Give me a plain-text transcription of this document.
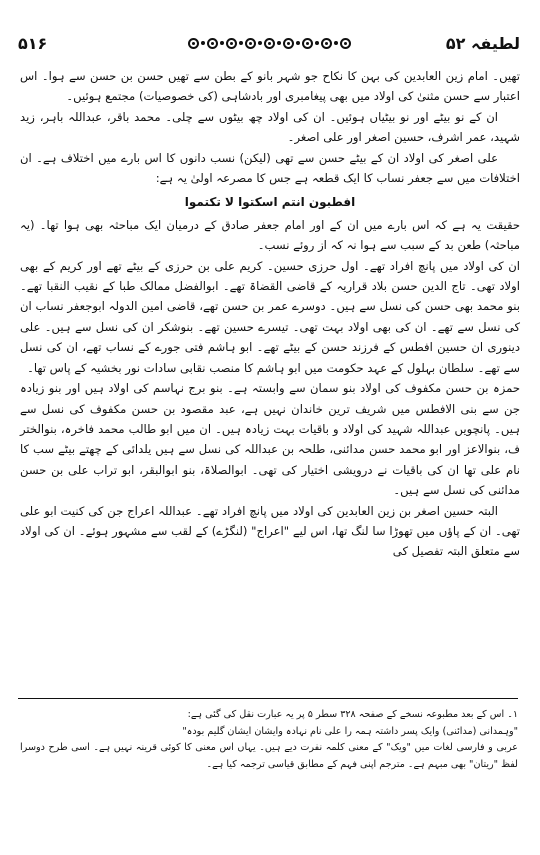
۵۱۶	لطیفہ ۵۲

تھیں۔ امام زین العابدین کی بہن کا نکاح جو شہر بانو کے بطن سے تھیں حسن بن حسن سے ہوا۔ اس اعتبار سے حسن مثنیٰ کی اولاد میں بھی پیغامبری اور بادشاہی (کی خصوصیات) مجتمع ہوئیں۔

ان کے نو بیٹے اور نو بیٹیاں ہوئیں۔ ان کی اولاد چھ بیٹوں سے چلی۔ محمد باقر، عبداللہ باہر، زید شہید، عمر اشرف، حسین اصغر اور علی اصغر۔

علی اصغر کی اولاد ان کے بیٹے حسن سے تھی (لیکن) نسب دانوں کا اس بارے میں اختلاف ہے۔ ان اختلافات میں سے جعفر نساب کا ایک قطعہ ہے جس کا مصرعہ اولیٰ یہ ہے:

افطبون انتم اسکتوا لا تکتموا

حقیقت یہ ہے کہ اس بارے میں ان کے اور امام جعفر صادق کے درمیان ایک مباحثہ بھی ہوا تھا۔ (یہ مباحثہ) طعن بد کے سبب سے ہوا نہ کہ از روئے نسب۔

ان کی اولاد میں پانچ افراد تھے۔ اول حرزی حسین۔ کریم علی بن حرزی کے بیٹے تھے اور کریم کے بھی اولاد تھی۔ تاج الدین حسن بلاد قراریہ کے قاضی القضاۃ تھے۔ ابوالفضل ممالک طبا کے نقیب النقبا تھے۔ بنو محمد بھی حسن کی نسل سے ہیں۔ دوسرے عمر بن حسن تھے، قاضی امین الدولہ ابوجعفر نساب ان کی نسل سے تھے۔ ان کی بھی اولاد بہت تھی۔ تیسرے حسین تھے۔ بنوشکر ان کی نسل سے ہیں۔ علی دینوری ان حسین افطس کے فرزند حسن کے بیٹے تھے۔ ابو ہاشم فتی جورے کے نساب تھے، ان کی نسل سے تھے۔ سلطان بہلول کے عہد حکومت میں ابو ہاشم کا منصب نقابی سادات نور بخشیہ کے پاس تھا۔

حمزہ بن حسن مکفوف کی اولاد بنو سمان سے وابستہ ہے۔ بنو برج نہاسم کی اولاد ہیں اور بنو زیادہ جن سے بنی الافطس میں شریف ترین خاندان نہیں ہے، عبد مقصود بن حسن مکفوف کی نسل سے ہیں۔ پانچویں عبداللہ شہید کی اولاد و باقیات بہت زیادہ ہیں۔ ان میں ابو طالب محمد فاخرہ، بنوالختر ف، بنوالاعز اور ابو محمد حسن مدائنی، طلحہ بن عبداللہ کی نسل سے ہیں یلدائی کے چھتے بیٹے سب کا نام علی تھا ان کی باقیات نے درویشی اختیار کی تھی۔ ابوالصلاۃ، بنو ابوالبقر، ابو تراب علی بن حسن مدائنی کی نسل سے ہیں۔

البتہ حسین اصغر بن زین العابدین کی اولاد میں پانچ افراد تھے۔ عبداللہ اعراج جن کی کنیت ابو علی تھی۔ ان کے پاؤں میں تھوڑا سا لنگ تھا، اس لیے "اعراج" (لنگڑے) کے لقب سے مشہور ہوئے۔ ان کی اولاد سے متعلق البتہ تفصیل کی

۱۔ اس کے بعد مطبوعہ نسخے کے صفحہ ۳۲۸ سطر ۵ پر یہ عبارت نقل کی گئی ہے:

"وہمدانی (مدائنی) وایک پسر داشتہ ہمہ را علی نام نہادہ وایشان ایشان گلیم بودہ"

عربی و فارسی لغات میں "ویک" کے معنی کلمہ نفرت دیے ہیں۔ یہاں اس معنی کا کوئی قرینہ نہیں ہے۔ اسی طرح دوسرا لفظ "ریتان" بھی مبہم ہے۔ مترجم اپنی فہم کے مطابق قیاسی ترجمہ کیا ہے۔
